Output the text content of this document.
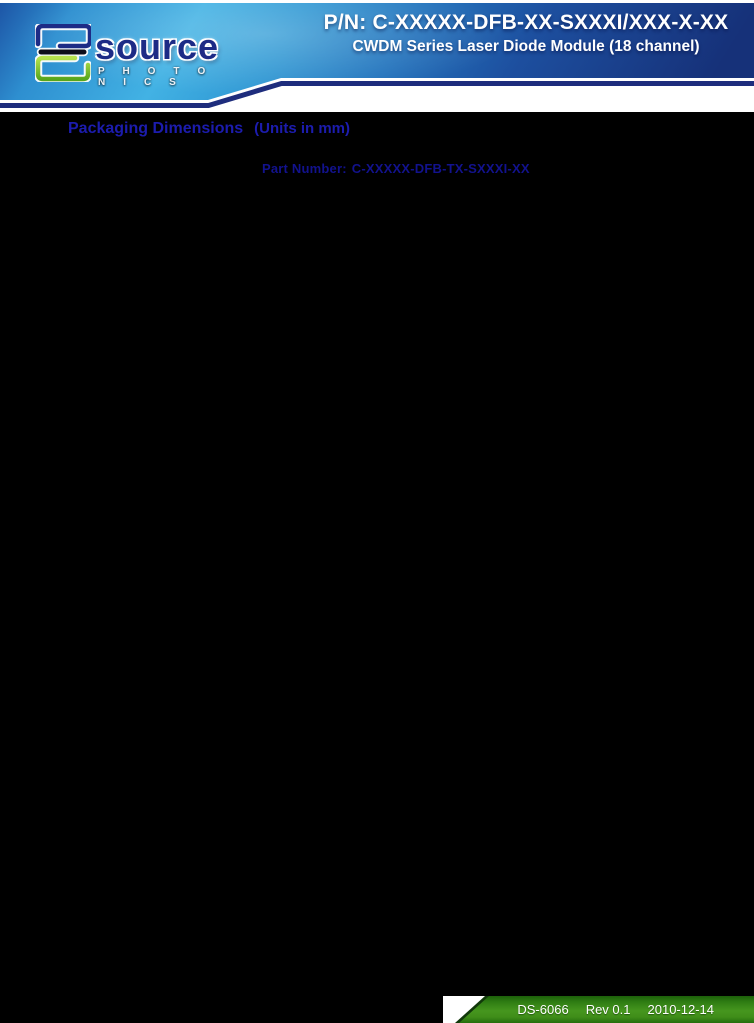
source
P H O T O N I C S
P/N: C-XXXXX-DFB-XX-SXXXI/XXX-X-XX
CWDM Series Laser Diode Module (18 channel)
Packaging Dimensions (Units in mm)
Part Number: C-XXXXX-DFB-TX-SXXXI-XX
DS-6066 Rev 0.1 2010-12-14
